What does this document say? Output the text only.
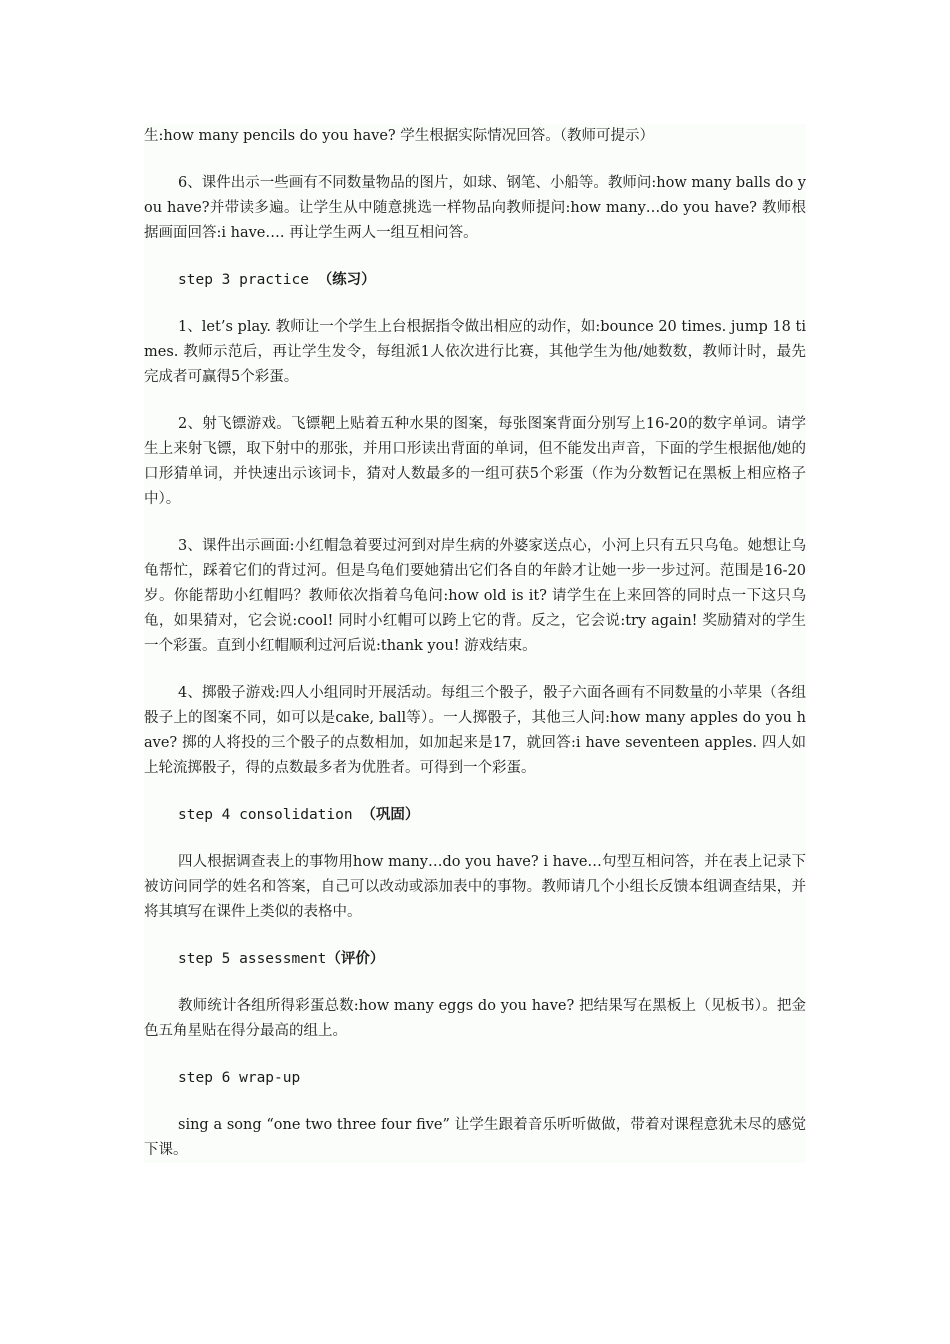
生:how many pencils do you have? 学生根据实际情况回答。（教师可提示）

6、课件出示一些画有不同数量物品的图片，如球、钢笔、小船等。教师问:how many balls do you have?并带读多遍。让学生从中随意挑选一样物品向教师提问:how many…do you have? 教师根据画面回答:i have…. 再让学生两人一组互相问答。

step 3 practice （练习）

1、let’s play. 教师让一个学生上台根据指令做出相应的动作，如:bounce 20 times. jump 18 times. 教师示范后，再让学生发令，每组派1人依次进行比赛，其他学生为他/她数数，教师计时，最先完成者可赢得5个彩蛋。

2、射飞镖游戏。飞镖靶上贴着五种水果的图案，每张图案背面分别写上16-20的数字单词。请学生上来射飞镖，取下射中的那张，并用口形读出背面的单词，但不能发出声音，下面的学生根据他/她的口形猜单词，并快速出示该词卡，猜对人数最多的一组可获5个彩蛋（作为分数暂记在黑板上相应格子中）。

3、课件出示画面:小红帽急着要过河到对岸生病的外婆家送点心，小河上只有五只乌龟。她想让乌龟帮忙，踩着它们的背过河。但是乌龟们要她猜出它们各自的年龄才让她一步一步过河。范围是16-20岁。你能帮助小红帽吗？教师依次指着乌龟问:how old is it? 请学生在上来回答的同时点一下这只乌龟，如果猜对，它会说:cool! 同时小红帽可以跨上它的背。反之，它会说:try again! 奖励猜对的学生一个彩蛋。直到小红帽顺利过河后说:thank you! 游戏结束。

4、掷骰子游戏:四人小组同时开展活动。每组三个骰子，骰子六面各画有不同数量的小苹果（各组骰子上的图案不同，如可以是cake, ball等）。一人掷骰子，其他三人问:how many apples do you have? 掷的人将投的三个骰子的点数相加，如加起来是17，就回答:i have seventeen apples. 四人如上轮流掷骰子，得的点数最多者为优胜者。可得到一个彩蛋。

step 4 consolidation （巩固）

四人根据调查表上的事物用how many…do you have? i have…句型互相问答，并在表上记录下被访问同学的姓名和答案，自己可以改动或添加表中的事物。教师请几个小组长反馈本组调查结果，并将其填写在课件上类似的表格中。

step 5 assessment（评价）

教师统计各组所得彩蛋总数:how many eggs do you have? 把结果写在黑板上（见板书）。把金色五角星贴在得分最高的组上。

step 6 wrap-up

sing a song “one two three four five” 让学生跟着音乐听听做做，带着对课程意犹未尽的感觉下课。
